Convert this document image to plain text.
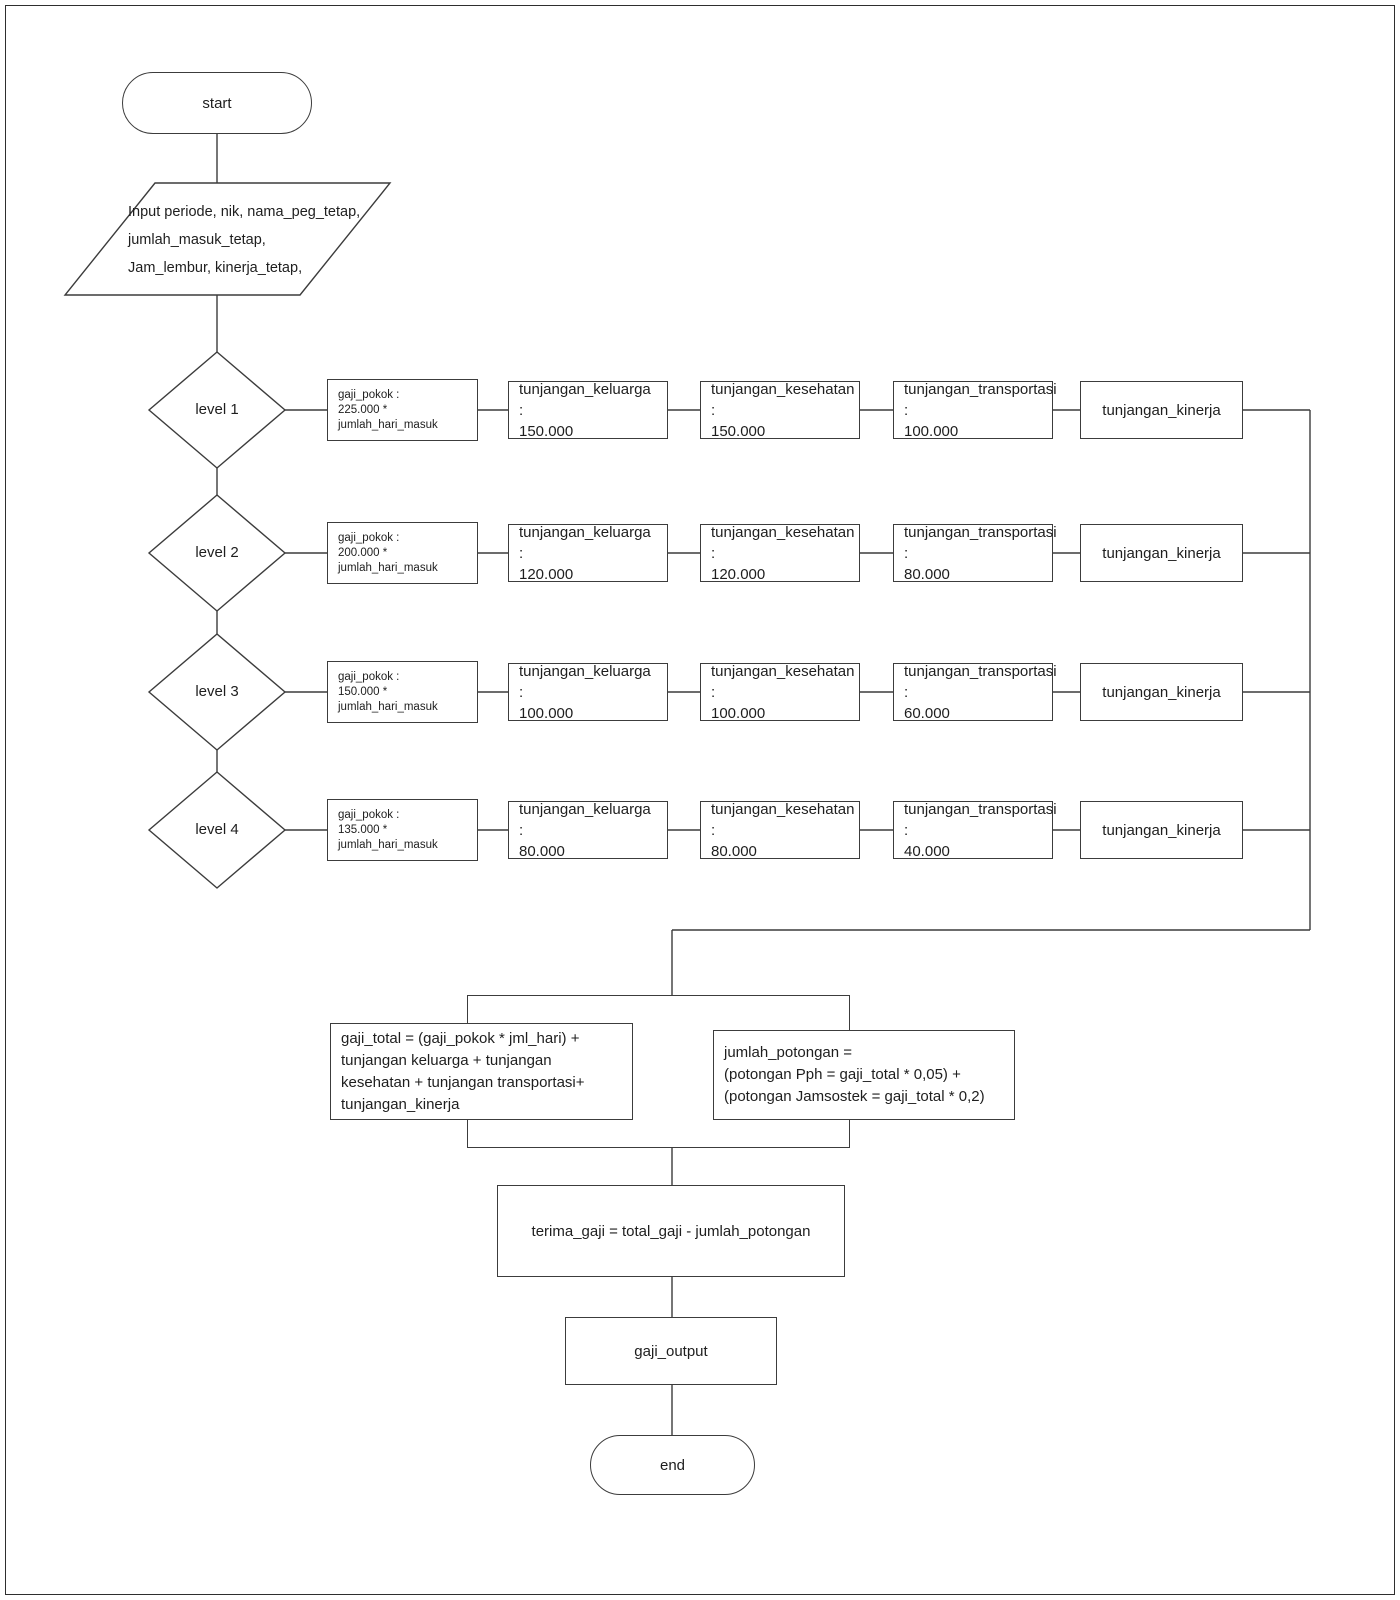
start
Input periode, nik, nama_peg_tetap,
jumlah_masuk_tetap,
Jam_lembur, kinerja_tetap,
level 1
level 2
level 3
level 4
gaji_pokok :
225.000 * jumlah_hari_masuk
tunjangan_keluarga :
150.000
tunjangan_kesehatan :
150.000
tunjangan_transportasi :
100.000
tunjangan_kinerja
gaji_pokok :
200.000 * jumlah_hari_masuk
tunjangan_keluarga :
120.000
tunjangan_kesehatan :
120.000
tunjangan_transportasi :
80.000
tunjangan_kinerja
gaji_pokok :
150.000 * jumlah_hari_masuk
tunjangan_keluarga :
100.000
tunjangan_kesehatan :
100.000
tunjangan_transportasi :
60.000
tunjangan_kinerja
gaji_pokok :
135.000 * jumlah_hari_masuk
tunjangan_keluarga :
80.000
tunjangan_kesehatan :
80.000
tunjangan_transportasi :
40.000
tunjangan_kinerja
gaji_total = (gaji_pokok * jml_hari) +
tunjangan keluarga + tunjangan
kesehatan + tunjangan transportasi+
tunjangan_kinerja
jumlah_potongan =
(potongan Pph = gaji_total * 0,05) +
(potongan Jamsostek = gaji_total * 0,2)
terima_gaji = total_gaji - jumlah_potongan
gaji_output
end
